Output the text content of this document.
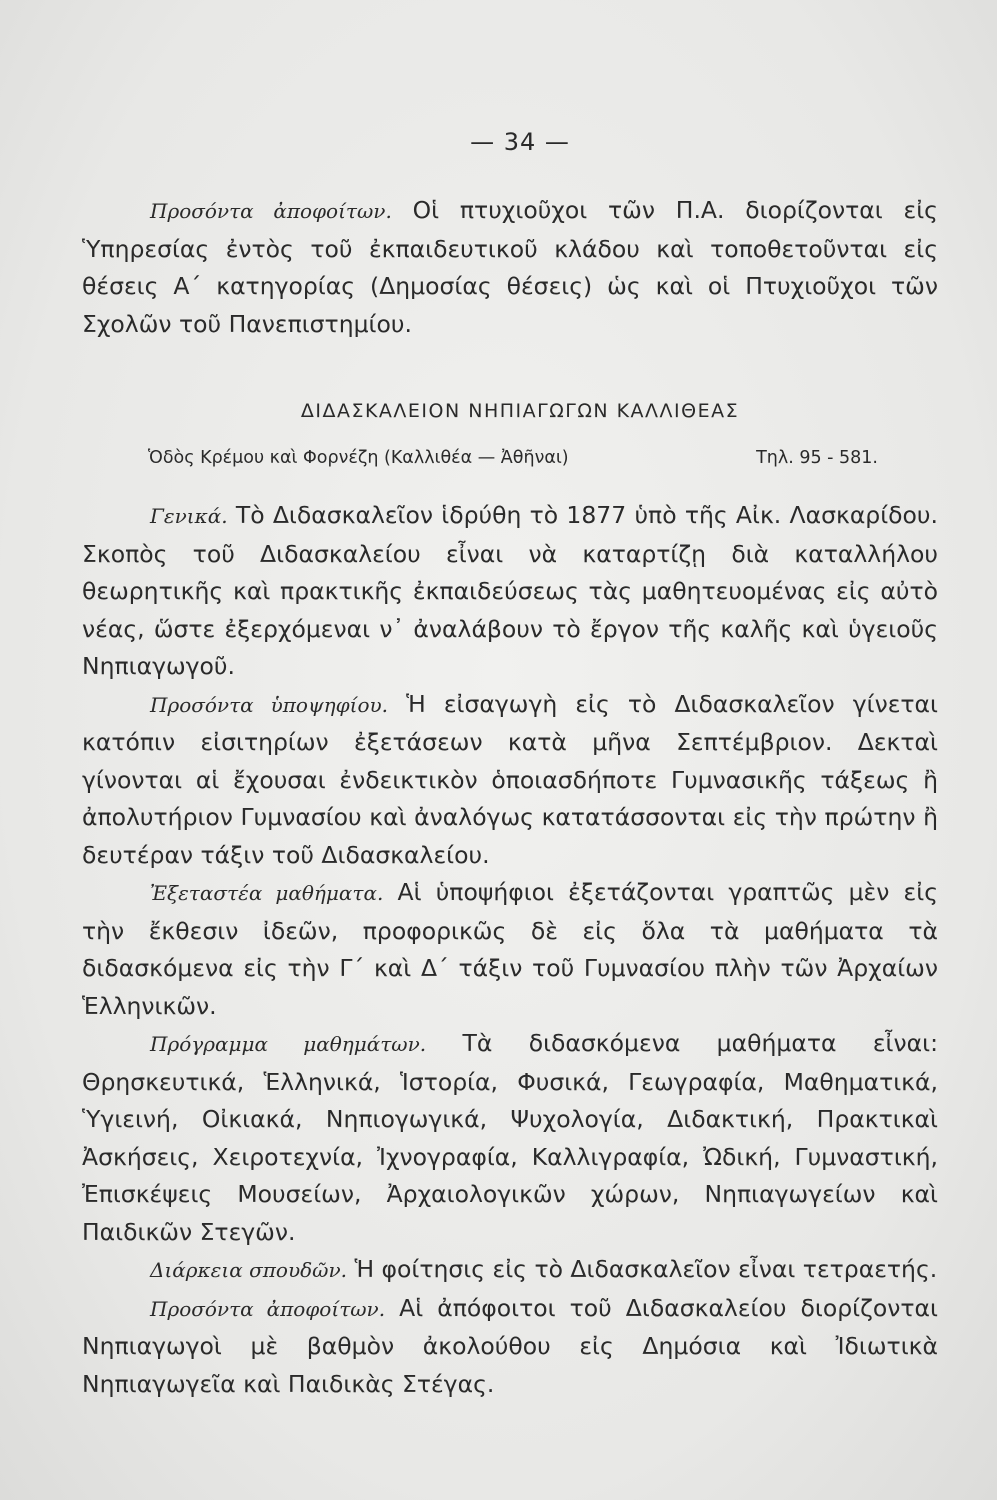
— 34 —

Προσόντα ἀποφοίτων. Οἱ πτυχιοῦχοι τῶν Π.Α. διορίζονται εἰς Ὑπηρεσίας ἐντὸς τοῦ ἐκπαιδευτικοῦ κλάδου καὶ τοποθετοῦνται εἰς θέσεις Α΄ κατηγορίας (Δημοσίας θέσεις) ὡς καὶ οἱ Πτυχιοῦχοι τῶν Σχολῶν τοῦ Πανεπιστημίου.

ΔΙΔΑΣΚΑΛΕΙΟΝ ΝΗΠΙΑΓΩΓΩΝ ΚΑΛΛΙΘΕΑΣ
Ὁδὸς Κρέμου καὶ Φορνέζη (Καλλιθέα — Ἀθῆναι)	Τηλ. 95 - 581.

Γενικά. Τὸ Διδασκαλεῖον ἱδρύθη τὸ 1877 ὑπὸ τῆς Αἰκ. Λασκαρίδου. Σκοπὸς τοῦ Διδασκαλείου εἶναι νὰ καταρτίζῃ διὰ καταλλήλου θεωρητικῆς καὶ πρακτικῆς ἐκπαιδεύσεως τὰς μαθητευομένας εἰς αὐτὸ νέας, ὥστε ἐξερχόμεναι ν᾿ ἀναλάβουν τὸ ἔργον τῆς καλῆς καὶ ὑγειοῦς Νηπιαγωγοῦ.

Προσόντα ὑποψηφίου. Ἡ εἰσαγωγὴ εἰς τὸ Διδασκαλεῖον γίνεται κατόπιν εἰσιτηρίων ἐξετάσεων κατὰ μῆνα Σεπτέμβριον. Δεκταὶ γίνονται αἱ ἔχουσαι ἐνδεικτικὸν ὁποιασδήποτε Γυμνασικῆς τάξεως ἢ ἀπολυτήριον Γυμνασίου καὶ ἀναλόγως κατατάσσονται εἰς τὴν πρώτην ἢ δευτέραν τάξιν τοῦ Διδασκαλείου.

Ἐξεταστέα μαθήματα. Αἱ ὑποψήφιοι ἐξετάζονται γραπτῶς μὲν εἰς τὴν ἔκθεσιν ἰδεῶν, προφορικῶς δὲ εἰς ὅλα τὰ μαθήματα τὰ διδασκόμενα εἰς τὴν Γ΄ καὶ Δ΄ τάξιν τοῦ Γυμνασίου πλὴν τῶν Ἀρχαίων Ἑλληνικῶν.

Πρόγραμμα μαθημάτων. Τὰ διδασκόμενα μαθήματα εἶναι: Θρησκευτικά, Ἑλληνικά, Ἱστορία, Φυσικά, Γεωγραφία, Μαθηματικά, Ὑγιεινή, Οἰκιακά, Νηπιογωγικά, Ψυχολογία, Διδακτική, Πρακτικαὶ Ἀσκήσεις, Χειροτεχνία, Ἰχνογραφία, Καλλιγραφία, Ὠδική, Γυμναστική, Ἐπισκέψεις Μουσείων, Ἀρχαιολογικῶν χώρων, Νηπιαγωγείων καὶ Παιδικῶν Στεγῶν.

Διάρκεια σπουδῶν. Ἡ φοίτησις εἰς τὸ Διδασκαλεῖον εἶναι τετραετής.

Προσόντα ἀποφοίτων. Αἱ ἀπόφοιτοι τοῦ Διδασκαλείου διορίζονται Νηπιαγωγοὶ μὲ βαθμὸν ἀκολούθου εἰς Δημόσια καὶ Ἰδιωτικὰ Νηπιαγωγεῖα καὶ Παιδικὰς Στέγας.
